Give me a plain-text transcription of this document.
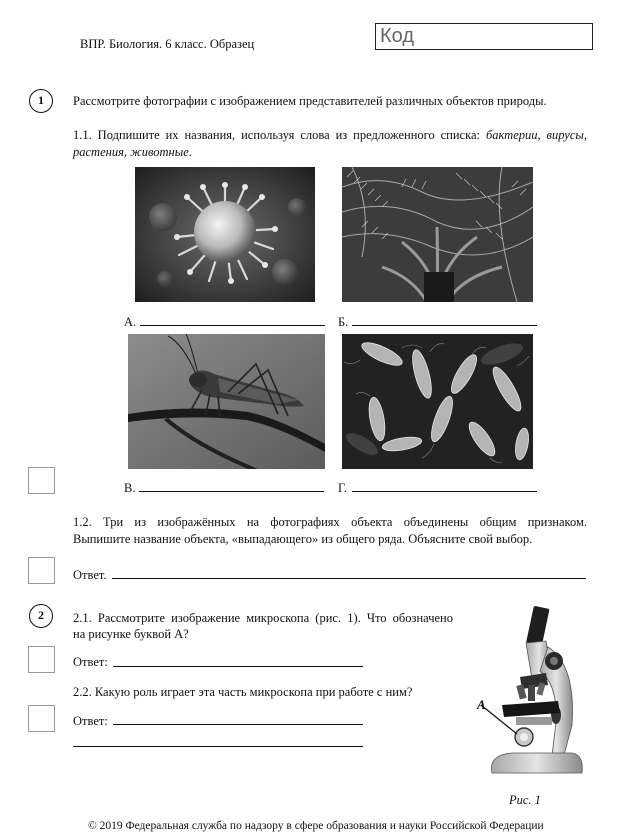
ВПР. Биология. 6 класс. Образец	Код
1	Рассмотрите фотографии с изображением представителей различных объектов природы.
1.1. Подпишите их названия, используя слова из предложенного списка: бактерии, вирусы,
растения, животные.
А.	Б.
В.	Г.
1.2. Три из изображённых на фотографиях объекта объединены общим признаком.
Выпишите название объекта, «выпадающего» из общего ряда. Объясните свой выбор.
Ответ.
2	2.1. Рассмотрите изображение микроскопа (рис. 1). Что обозначено
на рисунке буквой А?
Ответ:
2.2. Какую роль играет эта часть микроскопа при работе с ним?
Ответ:
А
Рис. 1
© 2019 Федеральная служба по надзору в сфере образования и науки Российской Федерации
